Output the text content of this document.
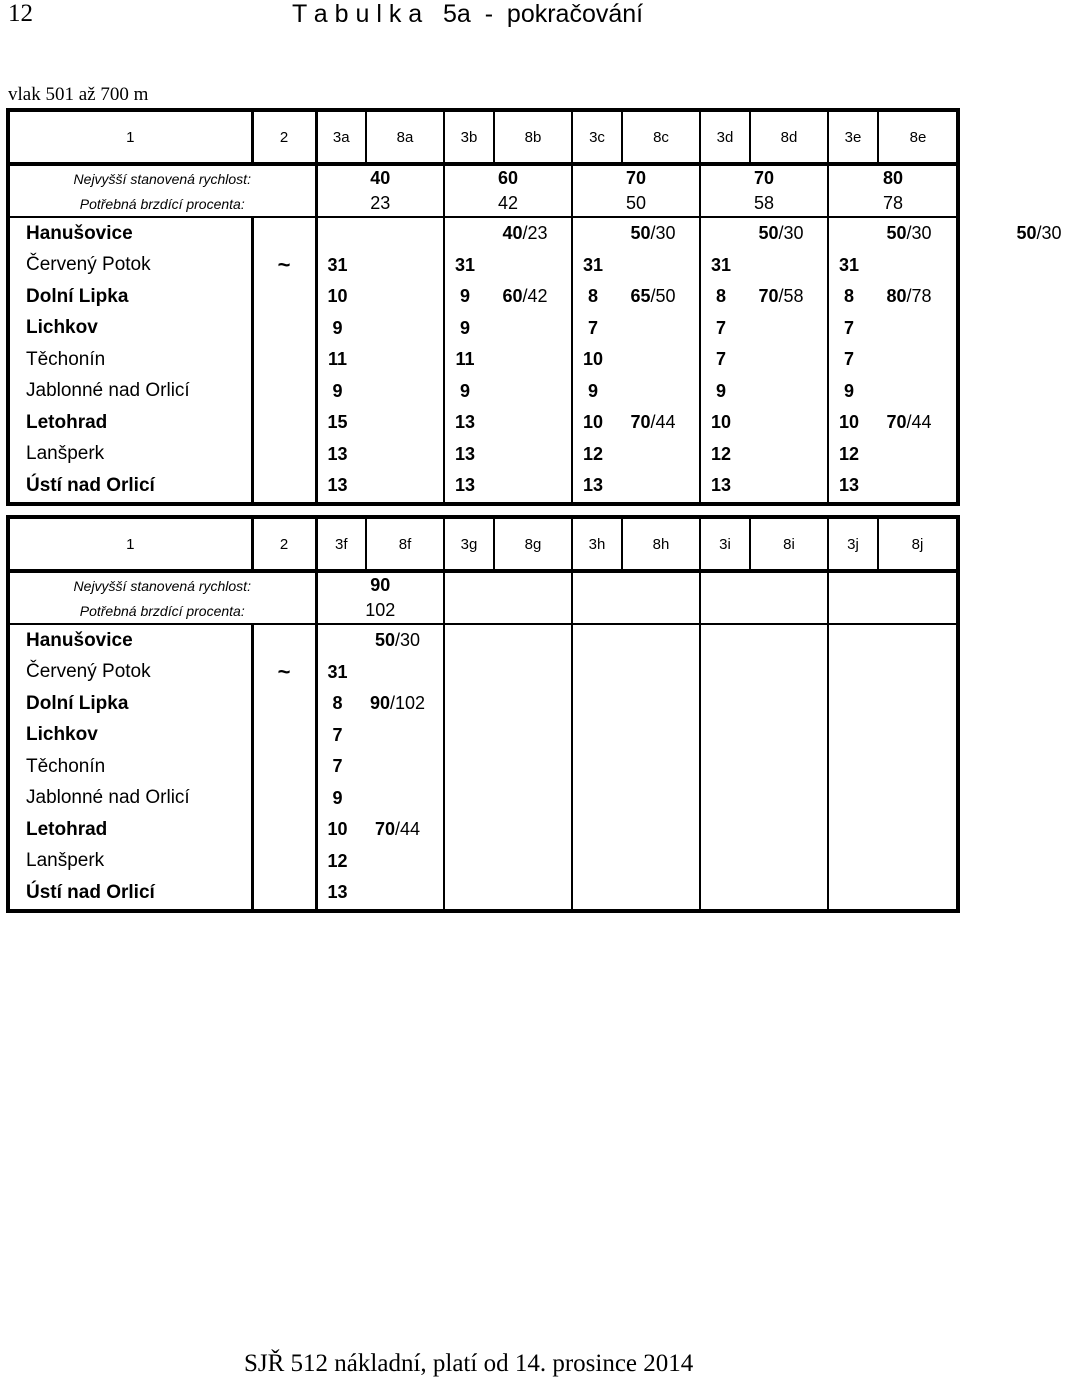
12	T a b u l k a   5a  -  pokračování
vlak 501 až 700 m
1	2	3a	8a	3b	8b	3c	8c	3d	8d	3e	8e	
Nejvyšší stanovená rychlost:		40		60		70		70		80		
Potřebná brzdící procenta:		23		42		50		58		78		
Hanušovice				40/23		50/30		50/30		50/30		50/30
Červený Potok	~	31		31		31		31		31		
Dolní Lipka		10		9 60/42		8 65/50		8 70/58		8 80/78		
Lichkov		9		9		7		7		7		
Těchonín		11		11		10		7		7		
Jablonné nad Orlicí		9		9		9		9		9		
Letohrad		15		13		10 70/44		10		10 70/44		
Lanšperk		13		13		12		12		12		
Ústí nad Orlicí		13		13		13		13		13		
1	2	3f	8f	3g	8g	3h	8h	3i	8i	3j	8j
Nejvyšší stanovená rychlost:		90									
Potřebná brzdící procenta:		102									
Hanušovice		50/30									
Červený Potok	~	31									
Dolní Lipka		8 90/102									
Lichkov		7									
Těchonín		7									
Jablonné nad Orlicí		9									
Letohrad		10 70/44									
Lanšperk		12									
Ústí nad Orlicí		13									
SJŘ 512 nákladní, platí od 14. prosince 2014
